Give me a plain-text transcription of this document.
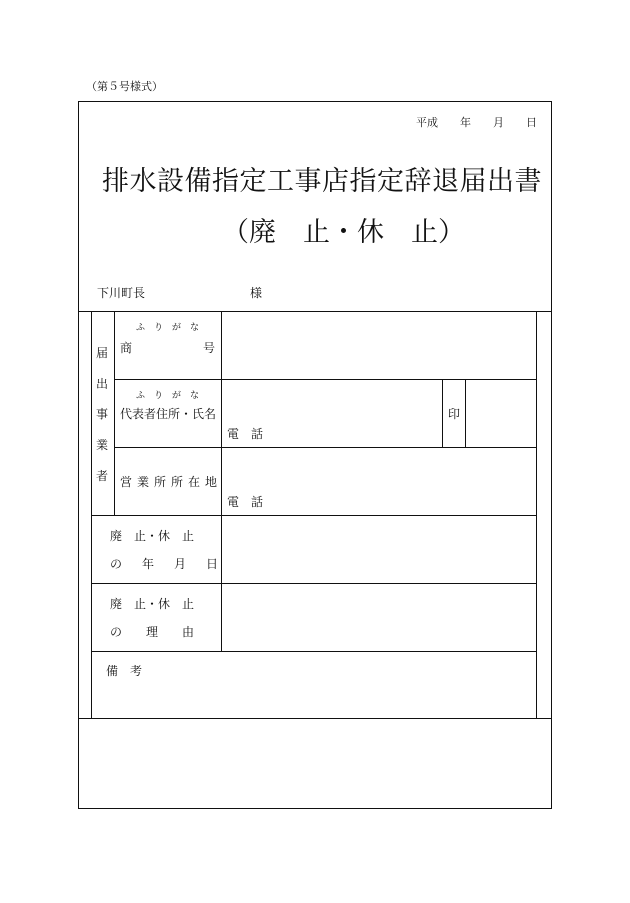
（第５号様式）
平成　　年　　月　　日
排水設備指定工事店指定辞退届出書
（廃　止・休　止）
下川町長	様
届
出
事
業
者
ふりがな
商	号
ふりがな
代表者住所・氏名	印
電　話
営業所所在地
電　話
廃　止・休　止
の　年　月　日
廃　止・休　止
の　　理　　由
備　考
